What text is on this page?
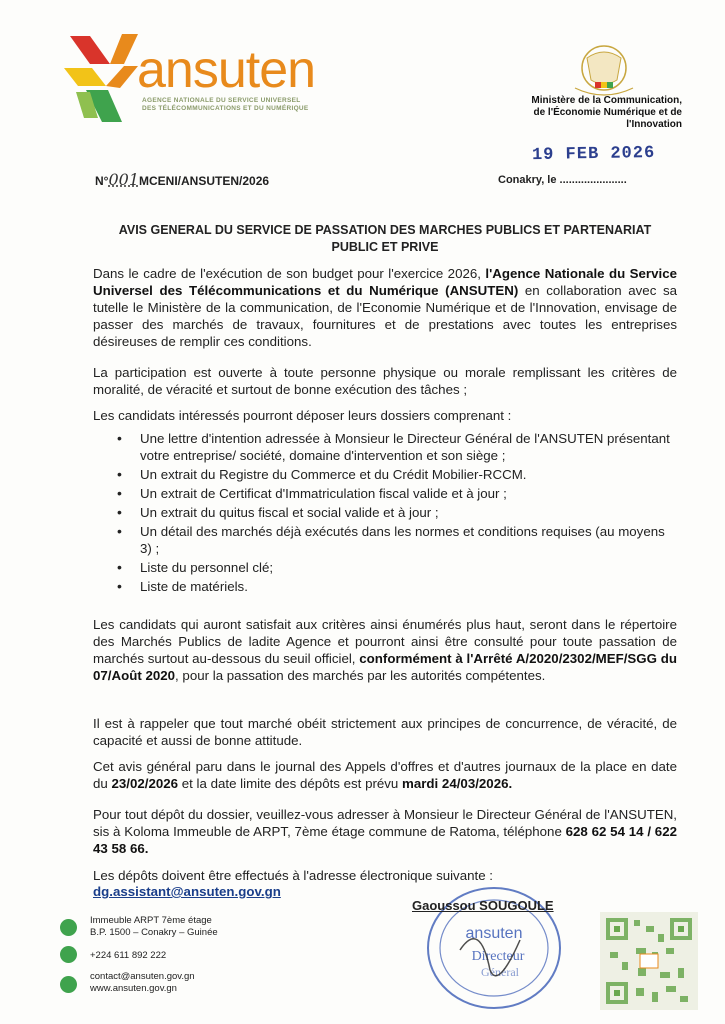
ansuten
AGENCE NATIONALE DU SERVICE UNIVERSEL
DES TÉLÉCOMMUNICATIONS ET DU NUMÉRIQUE
Ministère de la Communication,
de l'Économie Numérique et de
l'Innovation
19 FEB 2026
N°001MCENI/ANSUTEN/2026	Conakry, le ......................
AVIS GENERAL DU SERVICE DE PASSATION DES MARCHES PUBLICS ET PARTENARIAT
PUBLIC ET PRIVE
Dans le cadre de l'exécution de son budget pour l'exercice 2026, l'Agence Nationale du Service Universel des Télécommunications et du Numérique (ANSUTEN) en collaboration avec sa tutelle le Ministère de la communication, de l'Economie Numérique et de l'Innovation, envisage de passer des marchés de travaux, fournitures et de prestations avec toutes les entreprises désireuses de remplir ces conditions.
La participation est ouverte à toute personne physique ou morale remplissant les critères de moralité, de véracité et surtout de bonne exécution des tâches ;
Les candidats intéressés pourront déposer leurs dossiers comprenant :
• Une lettre d'intention adressée à Monsieur le Directeur Général de l'ANSUTEN présentant votre entreprise/ société, domaine d'intervention et son siège ;
• Un extrait du Registre du Commerce et du Crédit Mobilier-RCCM.
• Un extrait de Certificat d'Immatriculation fiscal valide et à jour ;
• Un extrait du quitus fiscal et social valide et à jour ;
• Un détail des marchés déjà exécutés dans les normes et conditions requises (au moyens 3) ;
• Liste du personnel clé;
• Liste de matériels.
Les candidats qui auront satisfait aux critères ainsi énumérés plus haut, seront dans le répertoire des Marchés Publics de ladite Agence et pourront ainsi être consulté pour toute passation de marchés surtout au-dessous du seuil officiel, conformément à l'Arrêté A/2020/2302/MEF/SGG du 07/Août 2020, pour la passation des marchés par les autorités compétentes.
Il est à rappeler que tout marché obéit strictement aux principes de concurrence, de véracité, de capacité et aussi de bonne attitude.
Cet avis général paru dans le journal des Appels d'offres et d'autres journaux de la place en date du 23/02/2026 et la date limite des dépôts est prévu mardi 24/03/2026.
Pour tout dépôt du dossier, veuillez-vous adresser à Monsieur le Directeur Général de l'ANSUTEN, sis à Koloma Immeuble de ARPT, 7ème étage commune de Ratoma, téléphone 628 62 54 14 / 622 43 58 66.
Les dépôts doivent être effectués à l'adresse électronique suivante :
dg.assistant@ansuten.gov.gn
ansuten
Directeur
Général
Gaoussou SOUGOULE
Immeuble ARPT 7ème étage
B.P. 1500 – Conakry – Guinée
+224 611 892 222
contact@ansuten.gov.gn
www.ansuten.gov.gn
